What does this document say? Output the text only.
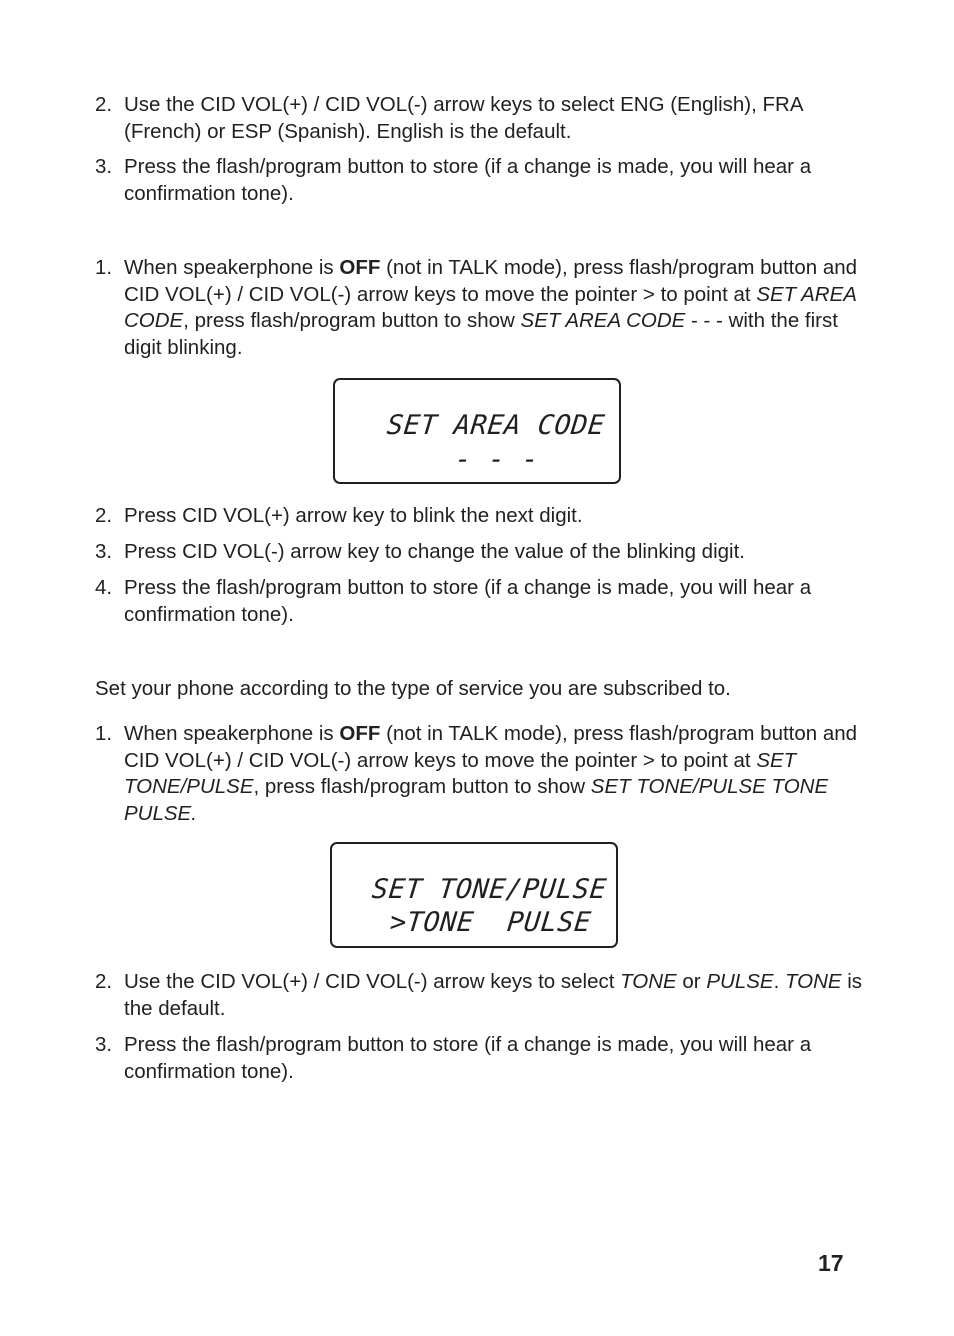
2. Use the CID VOL(+) / CID VOL(-) arrow keys to select ENG (English), FRA (French) or ESP (Spanish). English is the default.
3. Press the flash/program button to store (if a change is made, you will hear a confirmation tone).
1. When speakerphone is OFF (not in TALK mode), press flash/program button and CID VOL(+) / CID VOL(-) arrow keys to move the pointer > to point at SET AREA CODE, press flash/program button to show SET AREA CODE - - - with the first digit blinking.
SET AREA CODE
- - -
2. Press CID VOL(+) arrow key to blink the next digit.
3. Press CID VOL(-) arrow key to change the value of the blinking digit.
4. Press the flash/program button to store (if a change is made, you will hear a confirmation tone).

Set your phone according to the type of service you are subscribed to.

1. When speakerphone is OFF (not in TALK mode), press flash/program button and CID VOL(+) / CID VOL(-) arrow keys to move the pointer > to point at SET TONE/PULSE, press flash/program button to show SET TONE/PULSE TONE PULSE.
SET TONE/PULSE
>TONE  PULSE
2. Use the CID VOL(+) / CID VOL(-) arrow keys to select TONE or PULSE. TONE is the default.
3. Press the flash/program button to store (if a change is made, you will hear a confirmation tone).
17
